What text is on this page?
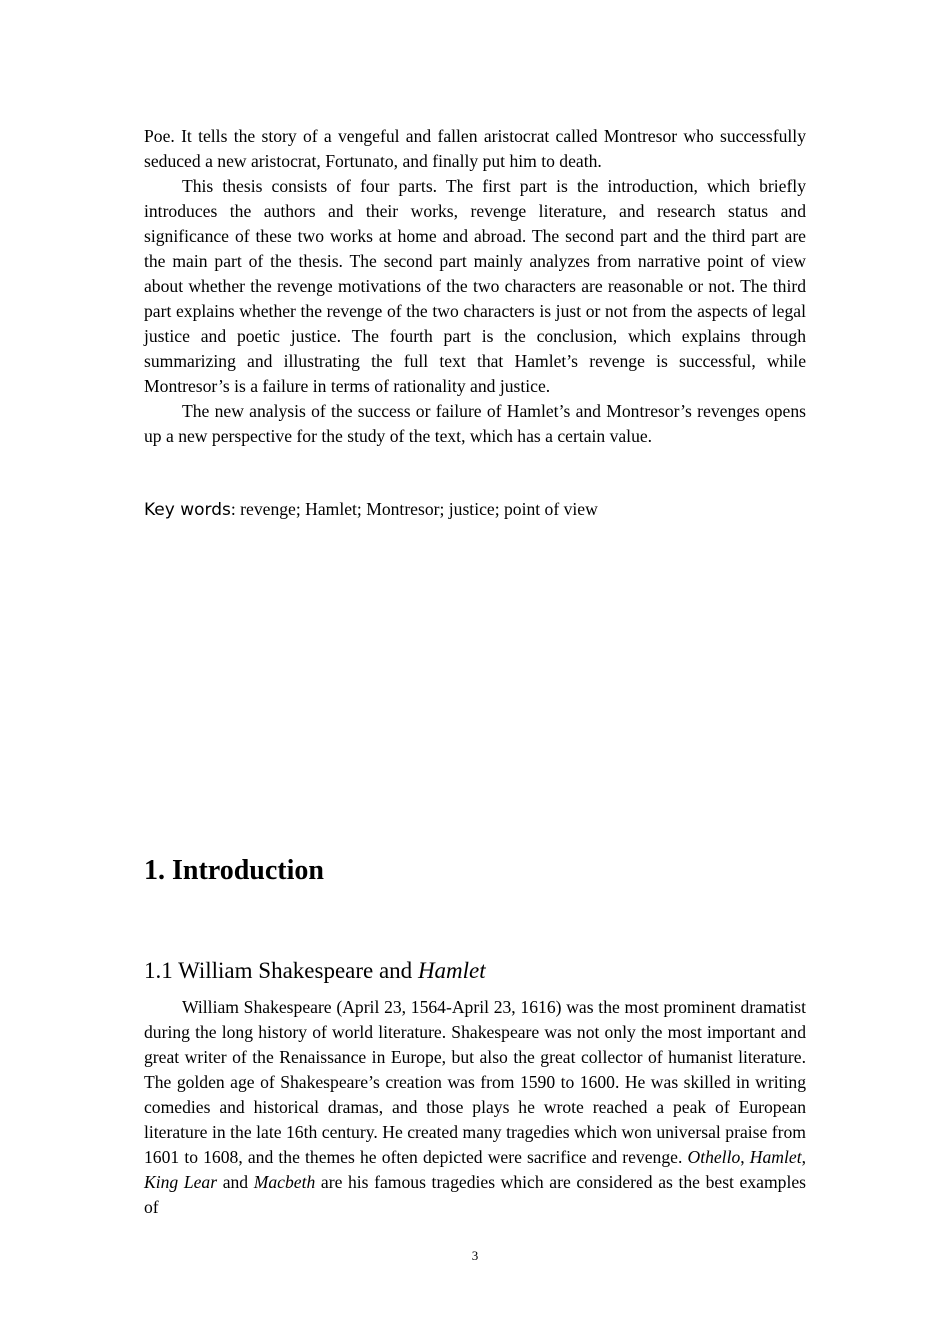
Poe. It tells the story of a vengeful and fallen aristocrat called Montresor who successfully seduced a new aristocrat, Fortunato, and finally put him to death.

This thesis consists of four parts. The first part is the introduction, which briefly introduces the authors and their works, revenge literature, and research status and significance of these two works at home and abroad. The second part and the third part are the main part of the thesis. The second part mainly analyzes from narrative point of view about whether the revenge motivations of the two characters are reasonable or not. The third part explains whether the revenge of the two characters is just or not from the aspects of legal justice and poetic justice. The fourth part is the conclusion, which explains through summarizing and illustrating the full text that Hamlet’s revenge is successful, while Montresor’s is a failure in terms of rationality and justice.

The new analysis of the success or failure of Hamlet’s and Montresor’s revenges opens up a new perspective for the study of the text, which has a certain value.

Key words: revenge; Hamlet; Montresor; justice; point of view
1. Introduction
1.1 William Shakespeare and Hamlet

William Shakespeare (April 23, 1564-April 23, 1616) was the most prominent dramatist during the long history of world literature. Shakespeare was not only the most important and great writer of the Renaissance in Europe, but also the great collector of humanist literature. The golden age of Shakespeare’s creation was from 1590 to 1600. He was skilled in writing comedies and historical dramas, and those plays he wrote reached a peak of European literature in the late 16th century. He created many tragedies which won universal praise from 1601 to 1608, and the themes he often depicted were sacrifice and revenge. Othello, Hamlet, King Lear and Macbeth are his famous tragedies which are considered as the best examples of

3
